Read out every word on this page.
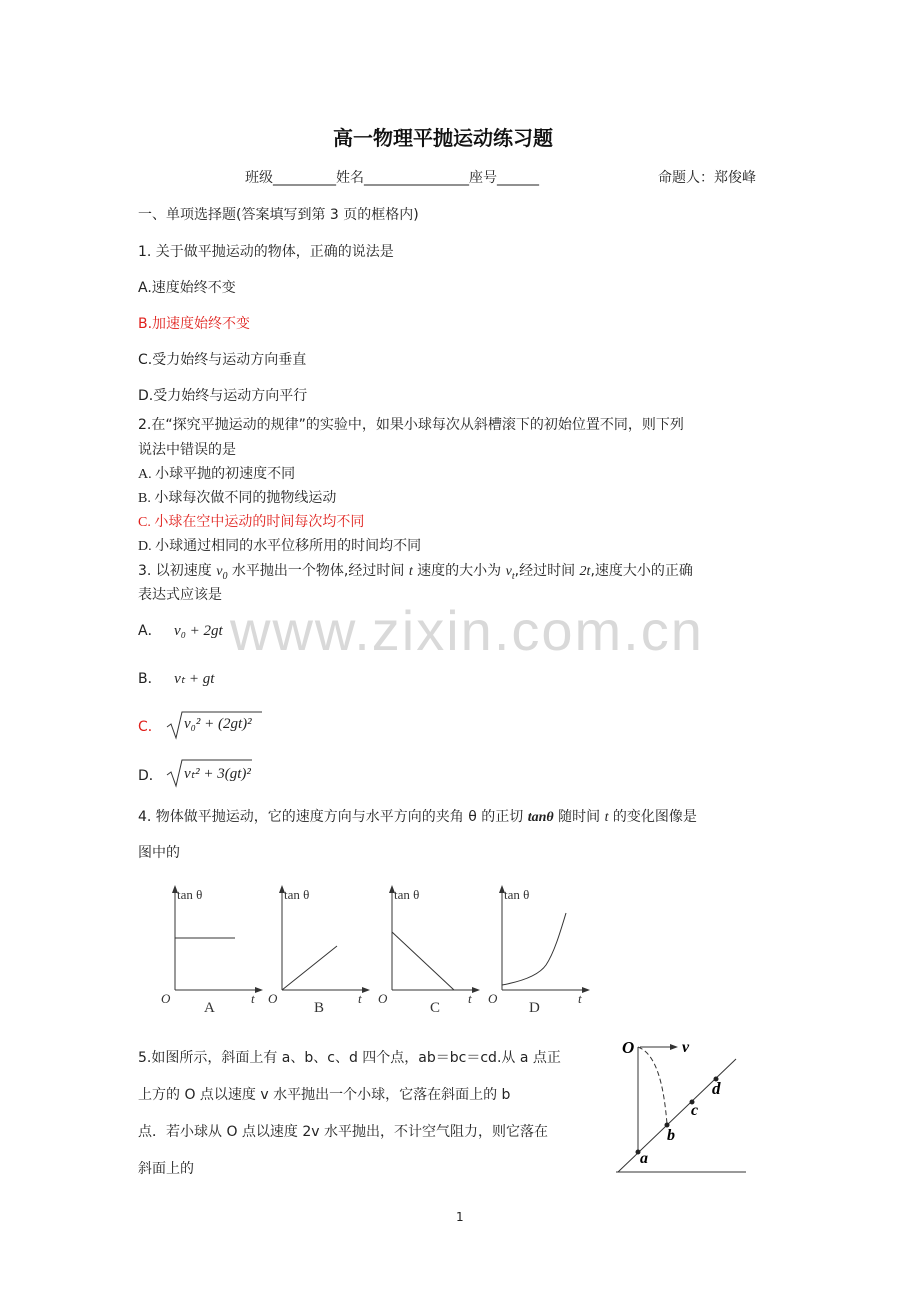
www.zixin.com.cn
高一物理平抛运动练习题
班级_________姓名_______________座号______	命题人：郑俊峰
一、单项选择题(答案填写到第 3 页的框格内)
1. 关于做平抛运动的物体，正确的说法是
A.速度始终不变
B.加速度始终不变
C.受力始终与运动方向垂直
D.受力始终与运动方向平行
2.在“探究平抛运动的规律”的实验中，如果小球每次从斜槽滚下的初始位置不同，则下列
说法中错误的是
A. 小球平抛的初速度不同
B. 小球每次做不同的抛物线运动
C. 小球在空中运动的时间每次均不同
D. 小球通过相同的水平位移所用的时间均不同
3. 以初速度 $v_0$ 水平抛出一个物体,经过时间 t 速度的大小为 $v_t$,经过时间 2t,速度大小的正确
表达式应该是
A． v₀ + 2gt
B． vₜ + gt
C． v₀² + (2gt)²
D． vₜ² + 3(gt)²
4. 物体做平抛运动，它的速度方向与水平方向的夹角 θ 的正切 tanθ 随时间 t 的变化图像是
图中的
tan θ
O	t
A
tan θ
O	t
B
tan θ
O	t
C
tan θ
O	t
D
5.如图所示，斜面上有 a、b、c、d 四个点，ab＝bc＝cd.从 a 点正
上方的 O 点以速度 v 水平抛出一个小球，它落在斜面上的 b
点．若小球从 O 点以速度 2v 水平抛出，不计空气阻力，则它落在
斜面上的
O	v
a
b
c
d
1
